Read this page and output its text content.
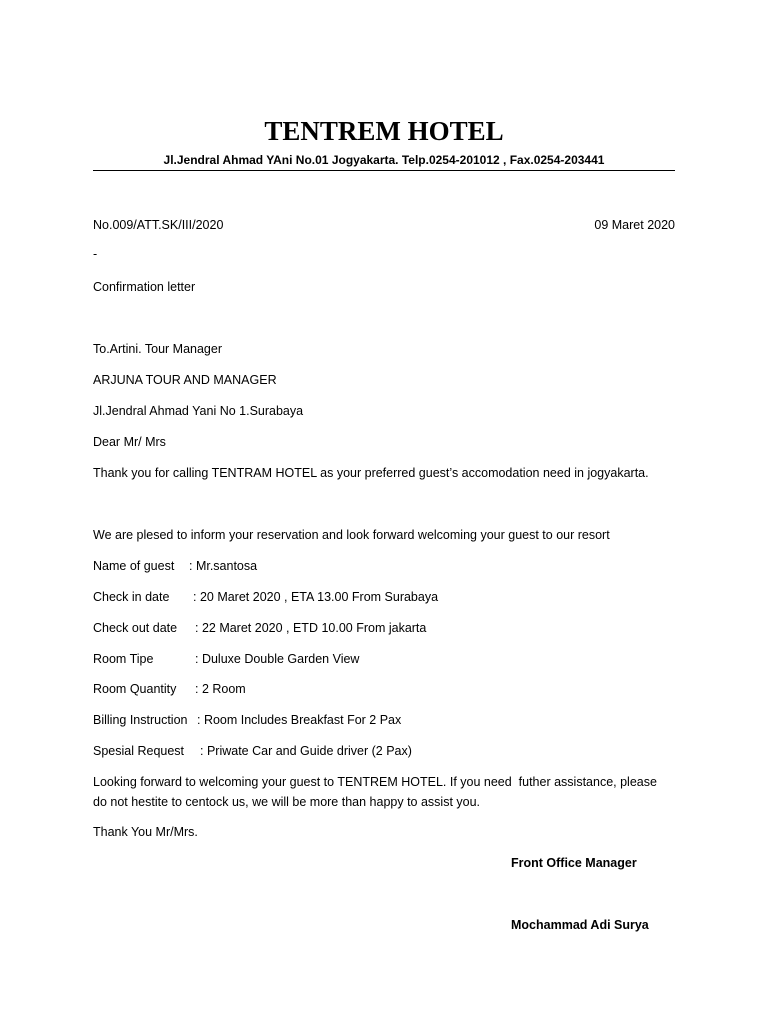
TENTREM HOTEL
Jl.Jendral Ahmad YAni No.01 Jogyakarta. Telp.0254-201012 , Fax.0254-203441
No.009/ATT.SK/III/2020	09 Maret 2020
-
Confirmation letter
To.Artini. Tour Manager
ARJUNA TOUR AND MANAGER
Jl.Jendral Ahmad Yani No 1.Surabaya
Dear Mr/ Mrs
Thank you for calling TENTRAM HOTEL as your preferred guest’s accomodation need in jogyakarta.
We are plesed to inform your reservation and look forward welcoming your guest to our resort
Name of guest : Mr.santosa
Check in date : 20 Maret 2020 , ETA 13.00 From Surabaya
Check out date : 22 Maret 2020 , ETD 10.00 From jakarta
Room Tipe	: Duluxe Double Garden View
Room Quantity : 2 Room
Billing Instruction : Room Includes Breakfast For 2 Pax
Spesial Request : Priwate Car and Guide driver (2 Pax)
Looking forward to welcoming your guest to TENTREM HOTEL. If you need  futher assistance, please
do not hestite to centock us, we will be more than happy to assist you.
Thank You Mr/Mrs.
Front Office Manager
Mochammad Adi Surya
